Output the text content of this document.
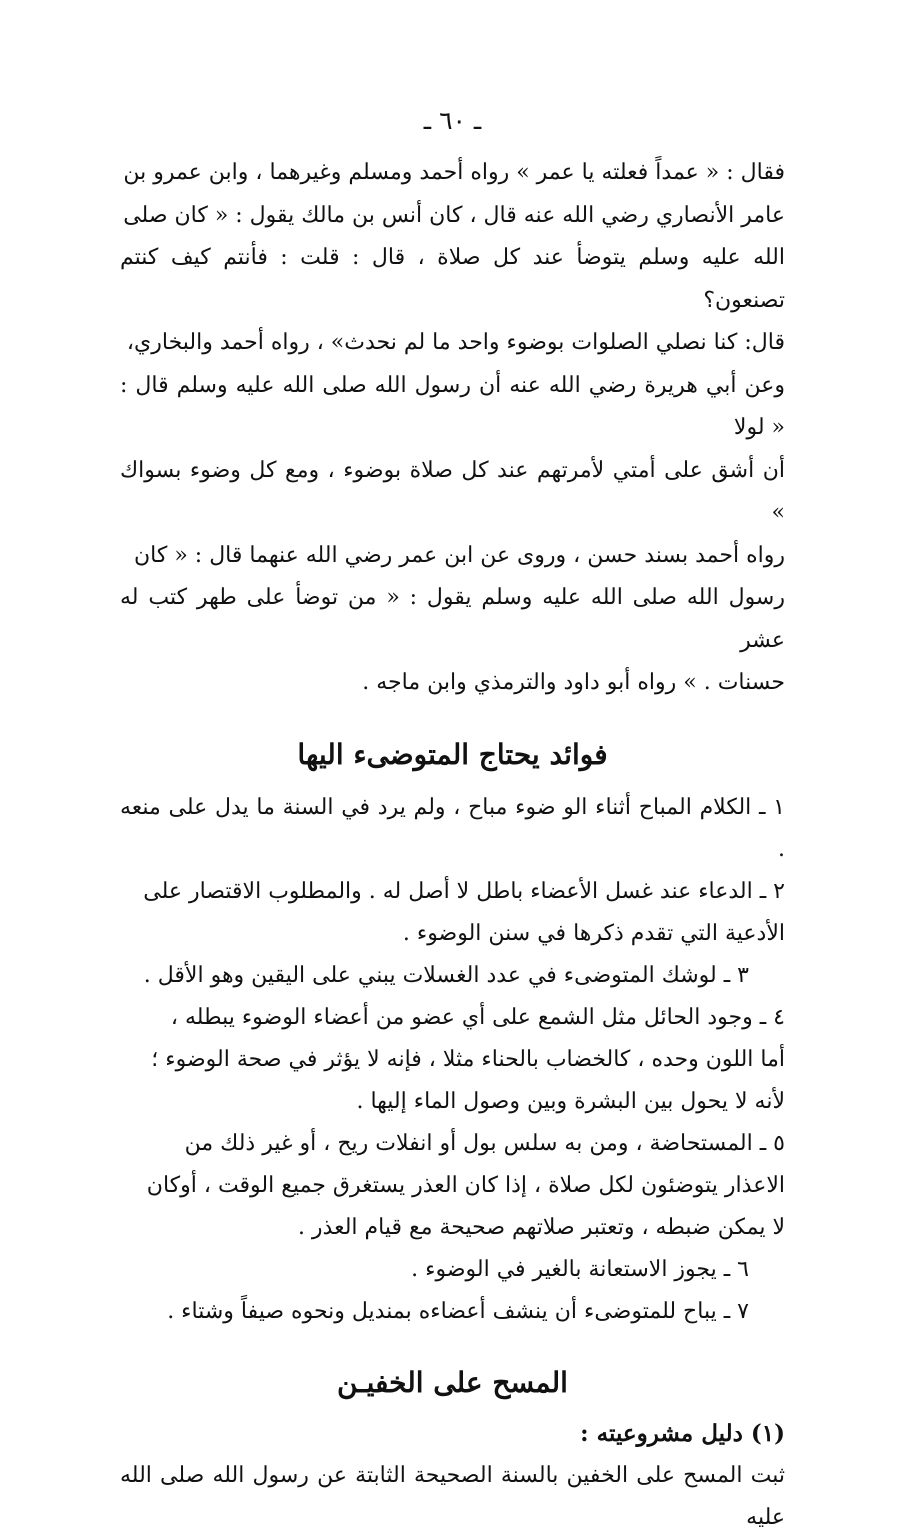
ـ ٦٠ ـ

فقال : « عمداً فعلته يا عمر » رواه أحمد ومسلم وغيرهما ، وابن عمرو بن

عامر الأنصاري رضي الله عنه قال ، كان أنس بن مالك يقول : « كان صلى

الله عليه وسلم يتوضأ عند كل صلاة ، قال : قلت : فأنتم كيف كنتم تصنعون؟

قال: كنا نصلي الصلوات بوضوء واحد ما لم نحدث» ، رواه أحمد والبخاري،

وعن أبي هريرة رضي الله عنه أن رسول الله صلى الله عليه وسلم قال : « لولا

أن أشق على أمتي لأمرتهم عند كل صلاة بوضوء ، ومع كل وضوء بسواك »

رواه أحمد بسند حسن ، وروى عن ابن عمر رضي الله عنهما قال : « كان

رسول الله صلى الله عليه وسلم يقول : « من توضأ على طهر كتب له عشر

حسنات . » رواه أبو داود والترمذي وابن ماجه .

فوائد يحتاج المتوضىء اليها

١ ـ الكلام المباح أثناء الو ضوء مباح ، ولم يرد في السنة ما يدل على منعه .

٢ ـ الدعاء عند غسل الأعضاء باطل لا أصل له . والمطلوب الاقتصار على

الأدعية التي تقدم ذكرها في سنن الوضوء .

٣ ـ لوشك المتوضىء في عدد الغسلات يبني على اليقين وهو الأقل .

٤ ـ وجود الحائل مثل الشمع على أي عضو من أعضاء الوضوء يبطله ،

أما اللون وحده ، كالخضاب بالحناء مثلا ، فإنه لا يؤثر في صحة الوضوء ؛

لأنه لا يحول بين البشرة وبين وصول الماء إليها .

٥ ـ المستحاضة ، ومن به سلس بول أو انفلات ريح ، أو غير ذلك من

الاعذار يتوضئون لكل صلاة ، إذا كان العذر يستغرق جميع الوقت ، أوكان

لا يمكن ضبطه ، وتعتبر صلاتهم صحيحة مع قيام العذر .

٦ ـ يجوز الاستعانة بالغير في الوضوء .

٧ ـ يباح للمتوضىء أن ينشف أعضاءه بمنديل ونحوه صيفاً وشتاء .

المسح على الخفيـن
(١) دليل مشروعيته :

ثبت المسح على الخفين بالسنة الصحيحة الثابتة عن رسول الله صلى الله عليه
